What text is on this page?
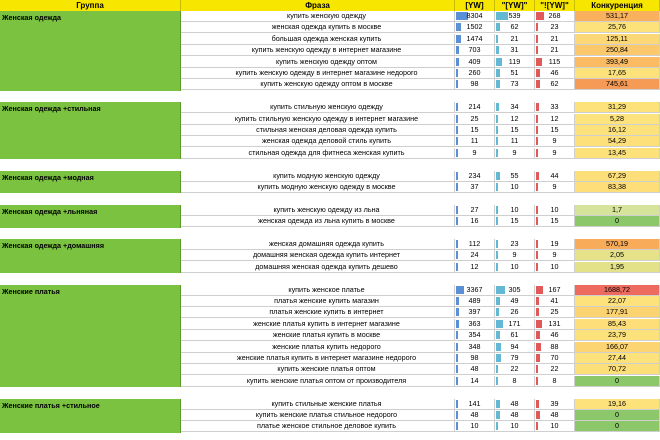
Группа	Фраза	[YW]	"[YW]"	"![YW]"	Конкуренция
Женская одежда	купить женскую одежду	8304	539	268	531,17
женская одежда купить в москве	1502	62	23	25,76
большая одежда женская купить	1474	21	21	125,11
купить женскую одежду в интернет магазине	703	31	21	250,84
купить женскую одежду оптом	409	119	115	393,49
купить женскую одежду в интернет магазине недорого	260	51	46	17,65
купить женскую одежду оптом в москве	98	73	62	745,61
Женская одежда +стильная	купить стильную женскую одежду	214	34	33	31,29
купить стильную женскую одежду в интернет магазине	25	12	12	5,28
стильная женская деловая одежда купить	15	15	15	16,12
женская одежда деловой стиль купить	11	11	9	54,29
стильная одежда для фитнеса женская купить	9	9	9	13,45
Женская одежда +модная	купить модную женскую одежду	234	55	44	67,29
купить модную женскую одежду в москве	37	10	9	83,38
Женская одежда +льняная	купить женскую одежду из льна	27	10	10	1,7
женская одежда из льна купить в москве	16	15	15	0
Женская одежда +домашняя	женская домашняя одежда купить	112	23	19	570,19
домашняя женская одежда купить интернет	24	9	9	2,05
домашняя женская одежда купить дешево	12	10	10	1,95
Женские платья	купить женское платье	3367	305	167	1688,72
платья женские купить магазин	489	49	41	22,07
платья женские купить в интернет	397	26	25	177,91
женские платья купить в интернет магазине	363	171	131	85,43
женские платья купить в москве	354	61	46	23,79
женские платья купить недорого	348	94	88	166,07
женские платья купить в интернет магазине недорого	98	79	70	27,44
купить женские платья оптом	48	22	22	70,72
купить женские платья оптом от производителя	14	8	8	0
Женские платья +стильное	купить стильные женские платья	141	48	39	19,16
купить женские платья стильное недорого	48	48	48	0
платье женское стильное деловое купить	10	10	10	0
